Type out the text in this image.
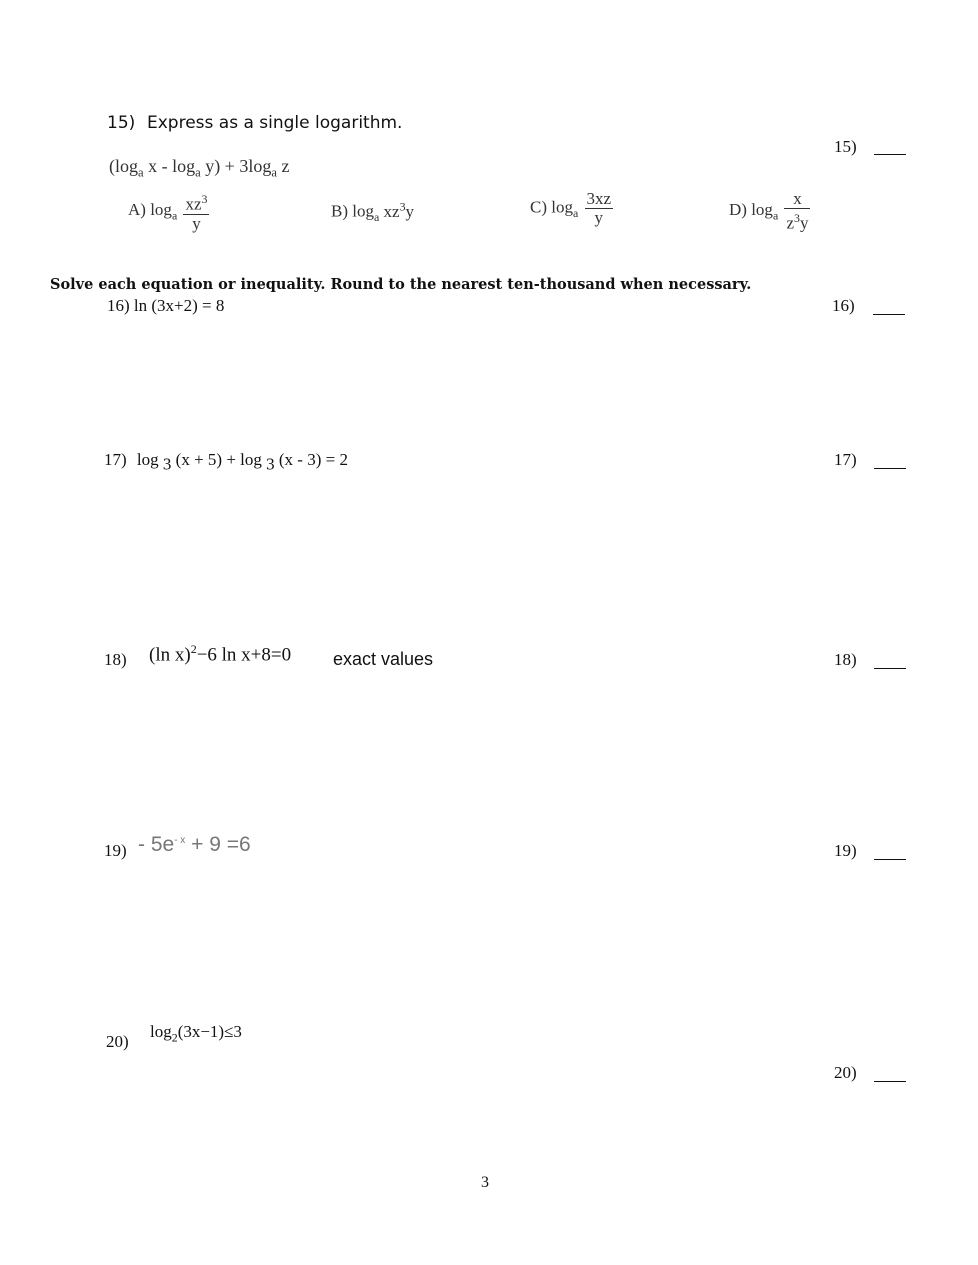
15) Express as a single logarithm.
15)
($\log_a$ $x - \log_a y) + 3\log_a$ z
A) $\log_a \frac{xz^3}{y}$	B) $\log_a xz^3y$	C) $\log_a \frac{3xz}{y}$	D) $\log_a \frac{x}{z^3y}$
Solve each equation or inequality. Round to the nearest ten-thousand when necessary.
16) ln (3x+2) = 8	16)
17) log $_3$ (x + 5) + log $_3$ (x - 3) = 2	17)
18) (ln x)$^2$−6 ln x+8=0 exact values	18)
$19) - 5e^{- x} + 9 =6$	19)
20)
$\log_2(3x-1)\le 3$
20)
3
